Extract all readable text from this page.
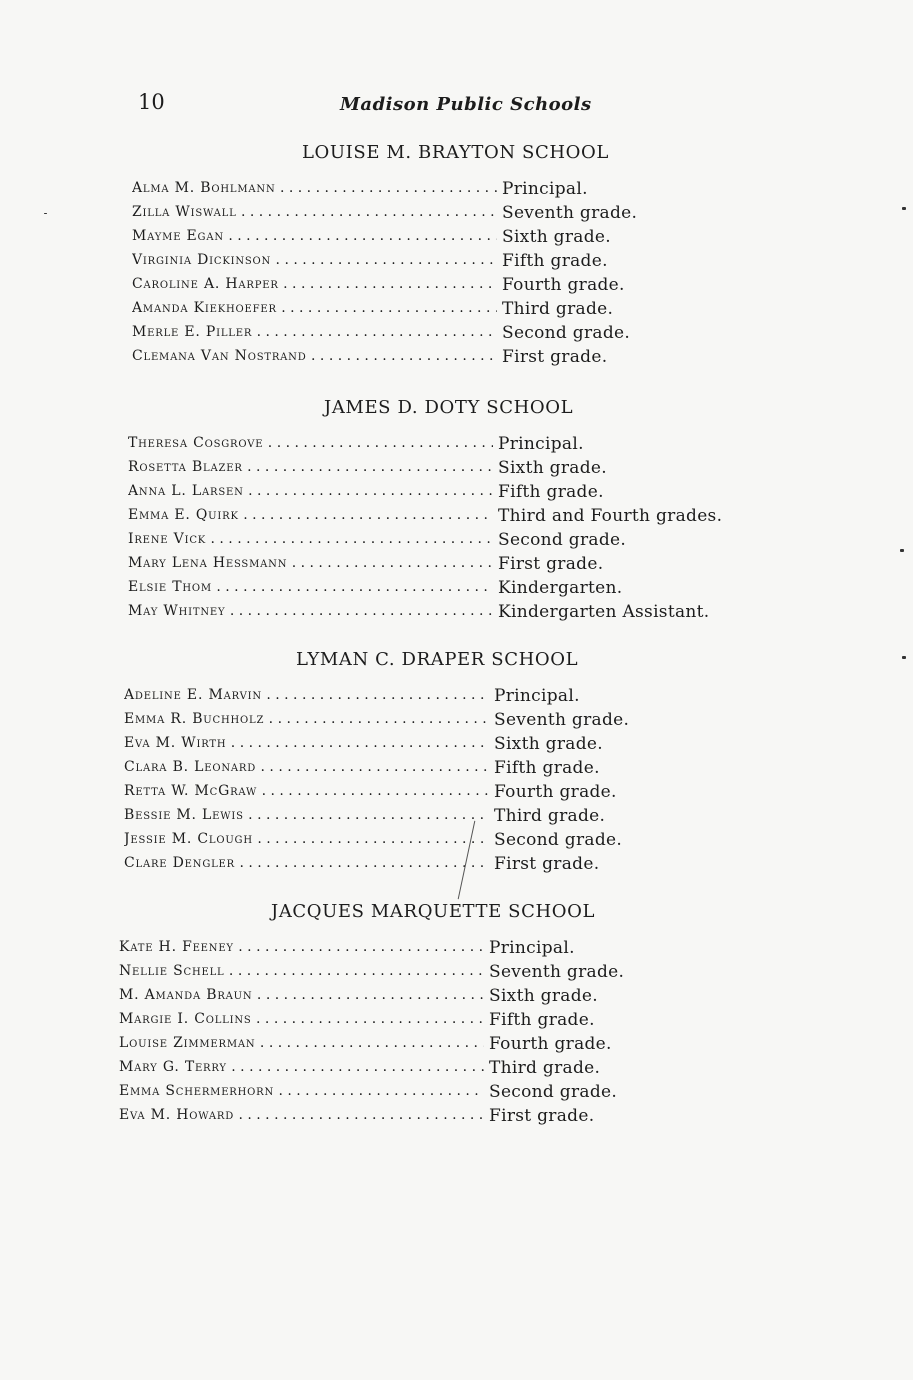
10	Madison Public Schools
LOUISE M. BRAYTON SCHOOL
Alma M. Bohlmann . . .	Principal.
Zilla Wiswall . . .	Seventh grade.
Mayme Egan . . .	Sixth grade.
Virginia Dickinson . . .	Fifth grade.
Caroline A. Harper . . .	Fourth grade.
Amanda Kiekhoefer . . .	Third grade.
Merle E. Piller . . .	Second grade.
Clemana Van Nostrand . . .	First grade.
JAMES D. DOTY SCHOOL
Theresa Cosgrove . . .	Principal.
Rosetta Blazer . . .	Sixth grade.
Anna L. Larsen . . .	Fifth grade.
Emma E. Quirk . . .	Third and Fourth grades.
Irene Vick . . .	Second grade.
Mary Lena Hessmann . . .	First grade.
Elsie Thom . . .	Kindergarten.
May Whitney . . .	Kindergarten Assistant.
LYMAN C. DRAPER SCHOOL
Adeline E. Marvin . . .	Principal.
Emma R. Buchholz . . .	Seventh grade.
Eva M. Wirth . . .	Sixth grade.
Clara B. Leonard . . .	Fifth grade.
Retta W. McGraw . . .	Fourth grade.
Bessie M. Lewis . . .	Third grade.
Jessie M. Clough . . .	Second grade.
Clare Dengler . . .	First grade.
JACQUES MARQUETTE SCHOOL
Kate H. Feeney . . .	Principal.
Nellie Schell . . .	Seventh grade.
M. Amanda Braun . . .	Sixth grade.
Margie I. Collins . . .	Fifth grade.
Louise Zimmerman . . .	Fourth grade.
Mary G. Terry . . .	Third grade.
Emma Schermerhorn . . .	Second grade.
Eva M. Howard . . .	First grade.
